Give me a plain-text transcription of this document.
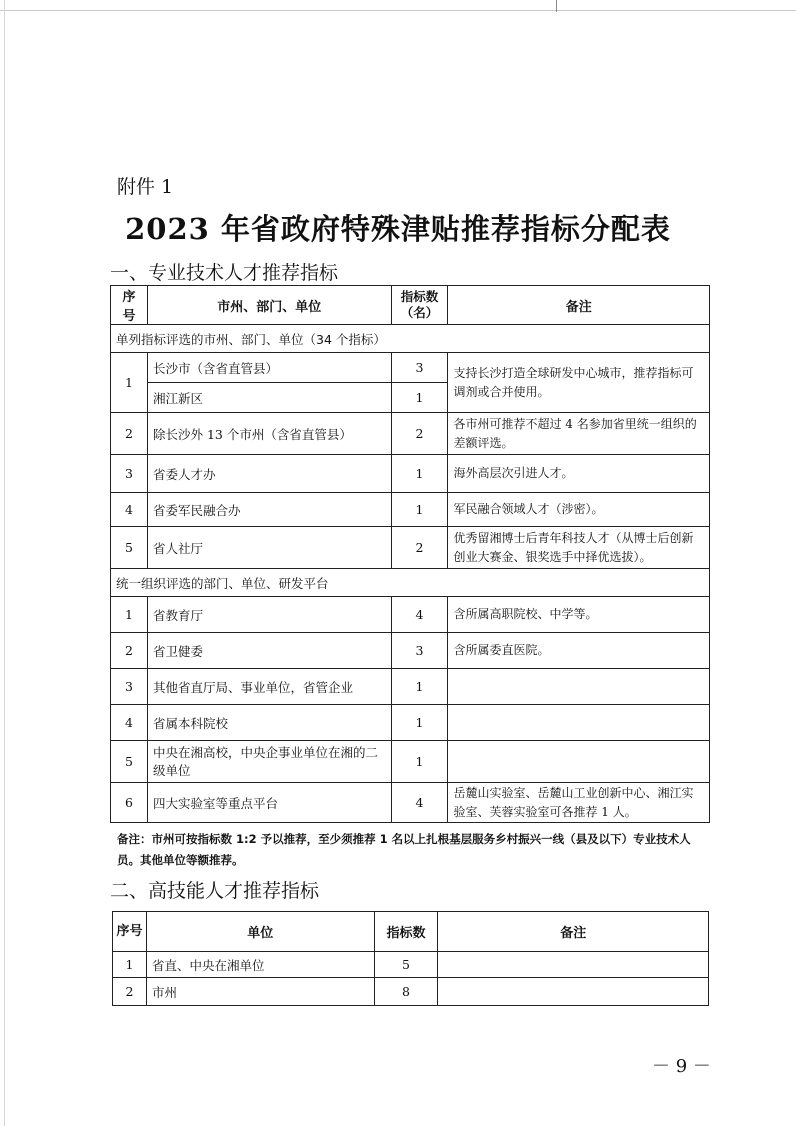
附件 1
2023 年省政府特殊津贴推荐指标分配表
一、专业技术人才推荐指标
序号	市州、部门、单位	指标数（名）	备注
单列指标评选的市州、部门、单位（34 个指标）			
1	长沙市（含省直管县）	3	支持长沙打造全球研发中心城市，推荐指标可调剂或合并使用。
	湘江新区	1	
2	除长沙外 13 个市州（含省直管县）	2	各市州可推荐不超过 4 名参加省里统一组织的差额评选。
3	省委人才办	1	海外高层次引进人才。
4	省委军民融合办	1	军民融合领域人才（涉密）。
5	省人社厅	2	优秀留湘博士后青年科技人才（从博士后创新创业大赛金、银奖选手中择优选拔）。
统一组织评选的部门、单位、研发平台			
1	省教育厅	4	含所属高职院校、中学等。
2	省卫健委	3	含所属委直医院。
3	其他省直厅局、事业单位，省管企业	1	
4	省属本科院校	1	
5	中央在湘高校，中央企事业单位在湘的二级单位	1	
6	四大实验室等重点平台	4	岳麓山实验室、岳麓山工业创新中心、湘江实验室、芙蓉实验室可各推荐 1 人。
备注：市州可按指标数 1:2 予以推荐，至少须推荐 1 名以上扎根基层服务乡村振兴一线（县及以下）专业技术人员。其他单位等额推荐。
二、高技能人才推荐指标
序号	单位	指标数	备注
1	省直、中央在湘单位	5	
2	市州	8	
－ 9 －
